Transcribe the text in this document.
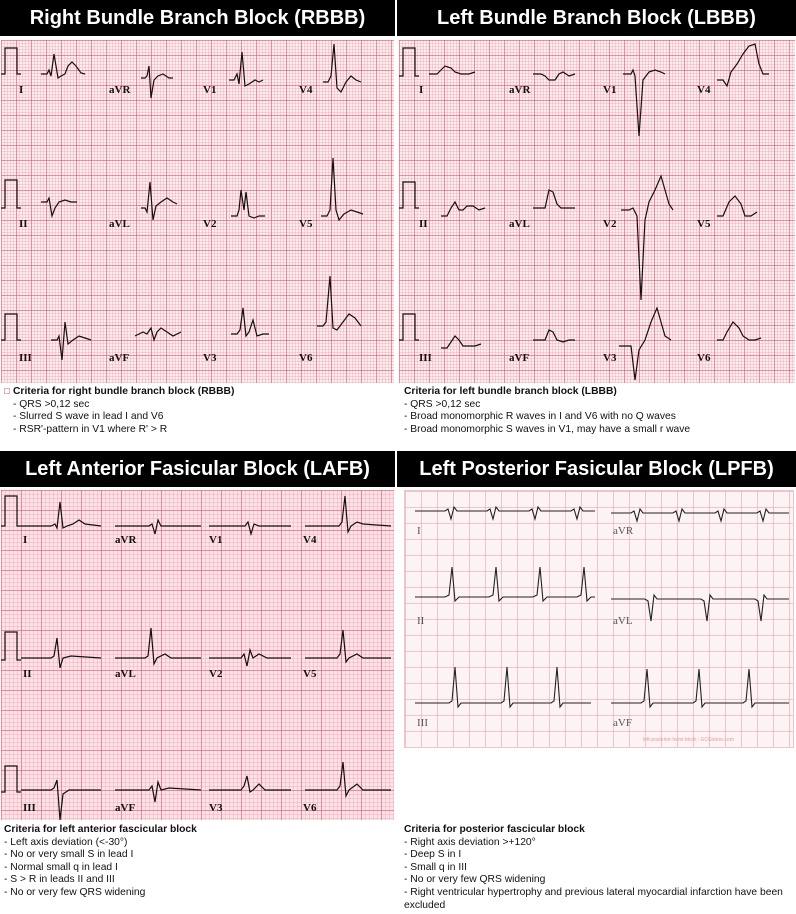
Right Bundle Branch Block (RBBB)
I	aVR	V1	V4
II	aVL	V2	V5
III	aVF	V3	V6
Criteria for right bundle branch block (RBBB)
- QRS >0,12 sec
- Slurred S wave in lead I and V6
- RSR'-pattern in V1 where R' > R
Left Bundle Branch Block (LBBB)
I	aVR	V1	V4
II	aVL	V2	V5
III	aVF	V3	V6
Criteria for left bundle branch block (LBBB)
- QRS >0,12 sec
- Broad monomorphic R waves in I and V6 with no Q waves
- Broad monomorphic S waves in V1, may have a small r wave
Left Anterior Fasicular Block (LAFB)
I	aVR	V1	V4
II	aVL	V2	V5
III	aVF	V3	V6
Criteria for left anterior fascicular block
- Left axis deviation (<-30°)
- No or very small S in lead I
- Normal small q in lead I
- S > R in leads II and III
- No or very few QRS widening
Left Posterior Fasicular Block (LPFB)
I	aVR
II	aVL
III	aVF
left-posterior-hemi-block - ECGstore.com
Criteria for posterior fascicular block
- Right axis deviation >+120°
- Deep S in I
- Small q in III
- No or very few QRS widening
- Right ventricular hypertrophy and previous lateral myocardial infarction have been excluded
